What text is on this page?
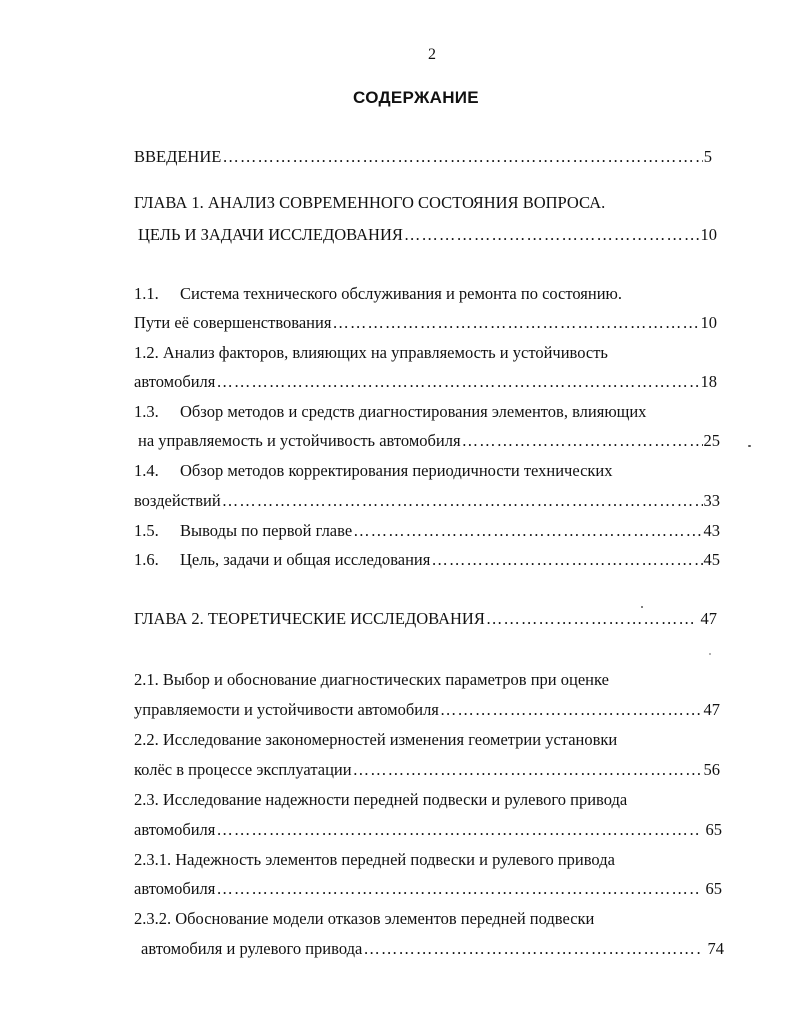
2
СОДЕРЖАНИЕ
ВВЕДЕНИЕ ……………………………………………………………………………………………………………………………………………………………………	5
ГЛАВА 1. АНАЛИЗ СОВРЕМЕННОГО СОСТОЯНИЯ ВОПРОСА.
ЦЕЛЬ И ЗАДАЧИ ИССЛЕДОВАНИЯ ……………………………………………………………………………………………………………………………………………………………………	10
1.1. Система технического обслуживания и ремонта по состоянию.
Пути её совершенствования ……………………………………………………………………………………………………………………………………………………………………	10
1.2. Анализ факторов, влияющих на управляемость и устойчивость
автомобиля ……………………………………………………………………………………………………………………………………………………………………	18
1.3. Обзор методов и средств диагностирования элементов, влияющих
на управляемость и устойчивость автомобиля ……………………………………………………………………………………………………………………………………………………………………	25
1.4. Обзор методов корректирования периодичности технических
воздействий ……………………………………………………………………………………………………………………………………………………………………	33
1.5. Выводы по первой главе ……………………………………………………………………………………………………………………………………………………………………	43
1.6. Цель, задачи и общая исследования ……………………………………………………………………………………………………………………………………………………………………	45
ГЛАВА 2. ТЕОРЕТИЧЕСКИЕ ИССЛЕДОВАНИЯ ……………………………………………………………………………………………………………………………………………………………………	47
2.1. Выбор и обоснование диагностических параметров при оценке
управляемости и устойчивости автомобиля ……………………………………………………………………………………………………………………………………………………………………	47
2.2. Исследование закономерностей изменения геометрии установки
колёс в процессе эксплуатации ……………………………………………………………………………………………………………………………………………………………………	56
2.3. Исследование надежности передней подвески и рулевого привода
автомобиля ……………………………………………………………………………………………………………………………………………………………………	65
2.3.1. Надежность элементов передней подвески и рулевого привода
автомобиля ……………………………………………………………………………………………………………………………………………………………………	65
2.3.2. Обоснование модели отказов элементов передней подвески
автомобиля и рулевого привода ……………………………………………………………………………………………………………………………………………………………………	74
